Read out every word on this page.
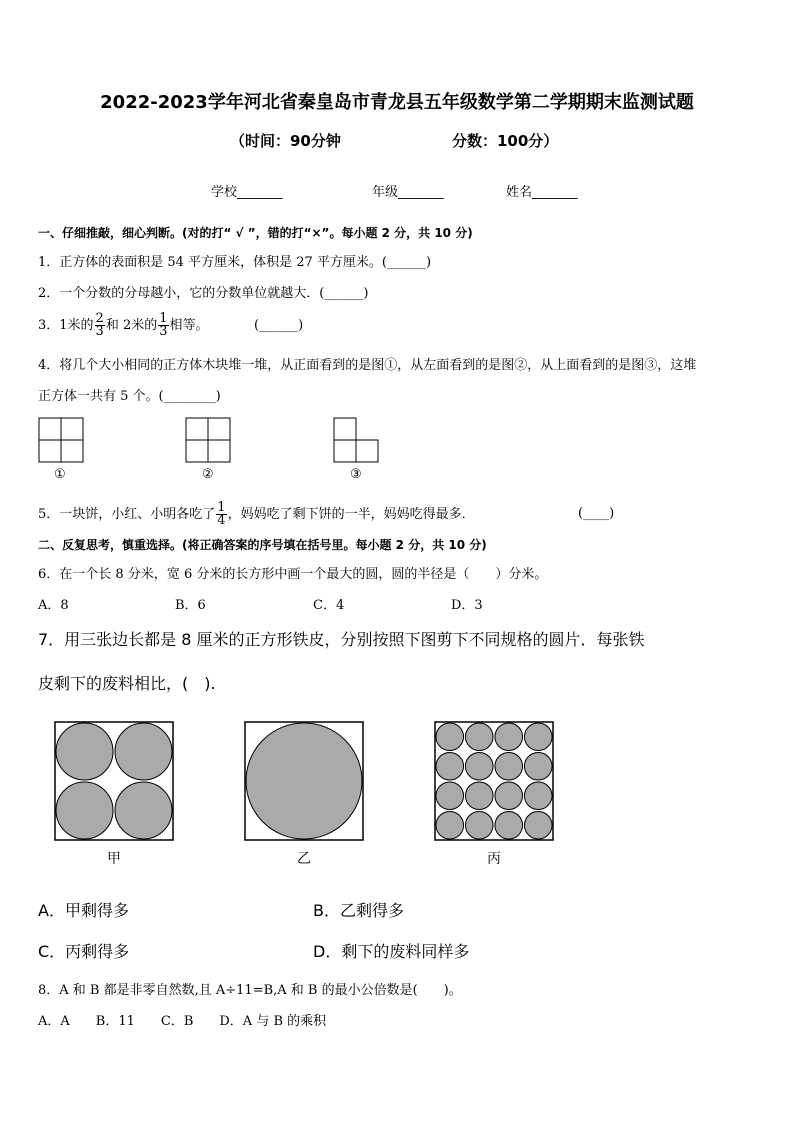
2022-2023学年河北省秦皇岛市青龙县五年级数学第二学期期末监测试题
（时间：90分钟	分数：100分）
学校_______	年级_______	姓名_______
一、仔细推敲，细心判断。(对的打“ √ ”，错的打“×”。每小题 2 分，共 10 分)
1．正方体的表面积是 54 平方厘米，体积是 27 平方厘米。(______)
2．一个分数的分母越小，它的分数单位就越大．(______)
3．1米的 $\frac{2}{3}$ 和 2米的 $\frac{1}{3}$ 相等。	(______)
4．将几个大小相同的正方体木块堆一堆，从正面看到的是图①，从左面看到的是图②，从上面看到的是图③，这堆
正方体一共有 5 个。(________)
①	②	③
5．一块饼，小红、小明各吃了 $\frac{1}{4}$ ，妈妈吃了剩下饼的一半，妈妈吃得最多．	(____)
二、反复思考，慎重选择。(将正确答案的序号填在括号里。每小题 2 分，共 10 分)
6．在一个长 8 分米，宽 6 分米的长方形中画一个最大的圆，圆的半径是（　　）分米。
A．8	B．6	C．4	D．3
7．用三张边长都是 8 厘米的正方形铁皮，分别按照下图剪下不同规格的圆片．每张铁
皮剩下的废料相比，(　).
甲	乙	丙
A．甲剩得多	B．乙剩得多
C．丙剩得多	D．剩下的废料同样多
8．A 和 B 都是非零自然数,且 A÷11=B,A 和 B 的最小公倍数是(　　)。
A．A　　B．11　　C．B　　D．A 与 B 的乘积
